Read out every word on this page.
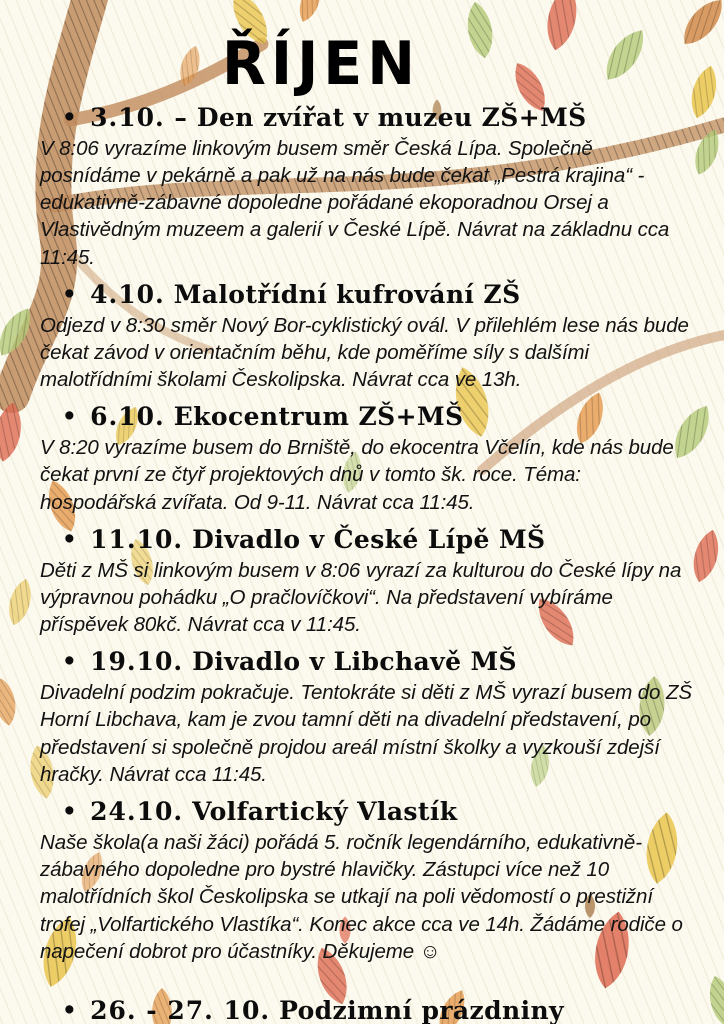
ŘÍJEN
• 3.10. – Den zvířat v muzeu ZŠ+MŠ

V 8:06 vyrazíme linkovým busem směr Česká Lípa. Společně posnídáme v pekárně a pak už na nás bude čekat „Pestrá krajina“ - edukativně-zábavné dopoledne pořádané ekoporadnou Orsej a Vlastivědným muzeem a galerií v České Lípě. Návrat na základnu cca 11:45.

• 4.10. Malotřídní kufrování ZŠ

Odjezd v 8:30 směr Nový Bor-cyklistický ovál. V přilehlém lese nás bude čekat závod v orientačním běhu, kde poměříme síly s dalšími malotřídními školami Českolipska. Návrat cca ve 13h.

• 6.10. Ekocentrum ZŠ+MŠ

V 8:20 vyrazíme busem do Brniště, do ekocentra Včelín, kde nás bude čekat první ze čtyř projektových dnů v tomto šk. roce. Téma: hospodářská zvířata. Od 9-11. Návrat cca 11:45.

• 11.10. Divadlo v České Lípě MŠ

Děti z MŠ si linkovým busem v 8:06 vyrazí za kulturou do České lípy na výpravnou pohádku „O pračlovíčkovi“. Na představení vybíráme příspěvek 80kč. Návrat cca v 11:45.

• 19.10. Divadlo v Libchavě MŠ

Divadelní podzim pokračuje. Tentokráte si děti z MŠ vyrazí busem do ZŠ Horní Libchava, kam je zvou tamní děti na divadelní představení, po představení si společně projdou areál místní školky a vyzkouší zdejší hračky. Návrat cca 11:45.

• 24.10. Volfartický Vlastík

Naše škola(a naši žáci) pořádá 5. ročník legendárního, edukativně-zábavného dopoledne pro bystré hlavičky. Zástupci více než 10 malotřídních škol Českolipska se utkají na poli vědomostí o prestižní trofej „Volfartického Vlastíka“. Konec akce cca ve 14h. Žádáme rodiče o napečení dobrot pro účastníky. Děkujeme ☺

• 26. - 27. 10. Podzimní prázdniny
